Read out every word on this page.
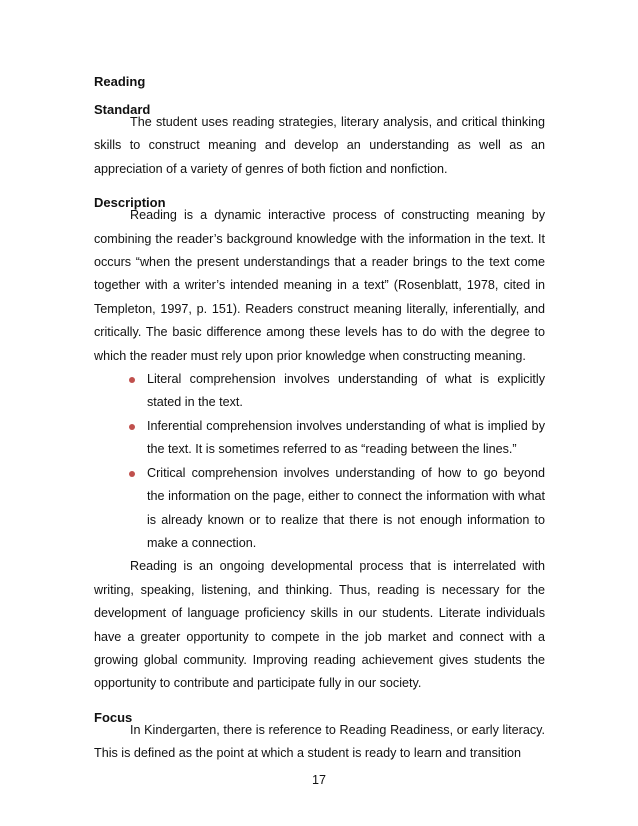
Reading
Standard

The student uses reading strategies, literary analysis, and critical thinking skills to construct meaning and develop an understanding as well as an appreciation of a variety of genres of both fiction and nonfiction.

Description

Reading is a dynamic interactive process of constructing meaning by combining the reader’s background knowledge with the information in the text. It occurs “when the present understandings that a reader brings to the text come together with a writer’s intended meaning in a text” (Rosenblatt, 1978, cited in Templeton, 1997, p. 151). Readers construct meaning literally, inferentially, and critically. The basic difference among these levels has to do with the degree to which the reader must rely upon prior knowledge when constructing meaning.

Literal comprehension involves understanding of what is explicitly stated in the text.
Inferential comprehension involves understanding of what is implied by the text. It is sometimes referred to as “reading between the lines.”
Critical comprehension involves understanding of how to go beyond the information on the page, either to connect the information with what is already known or to realize that there is not enough information to make a connection.

Reading is an ongoing developmental process that is interrelated with writing, speaking, listening, and thinking. Thus, reading is necessary for the development of language proficiency skills in our students. Literate individuals have a greater opportunity to compete in the job market and connect with a growing global community. Improving reading achievement gives students the opportunity to contribute and participate fully in our society.

Focus

In Kindergarten, there is reference to Reading Readiness, or early literacy. This is defined as the point at which a student is ready to learn and transition

17
